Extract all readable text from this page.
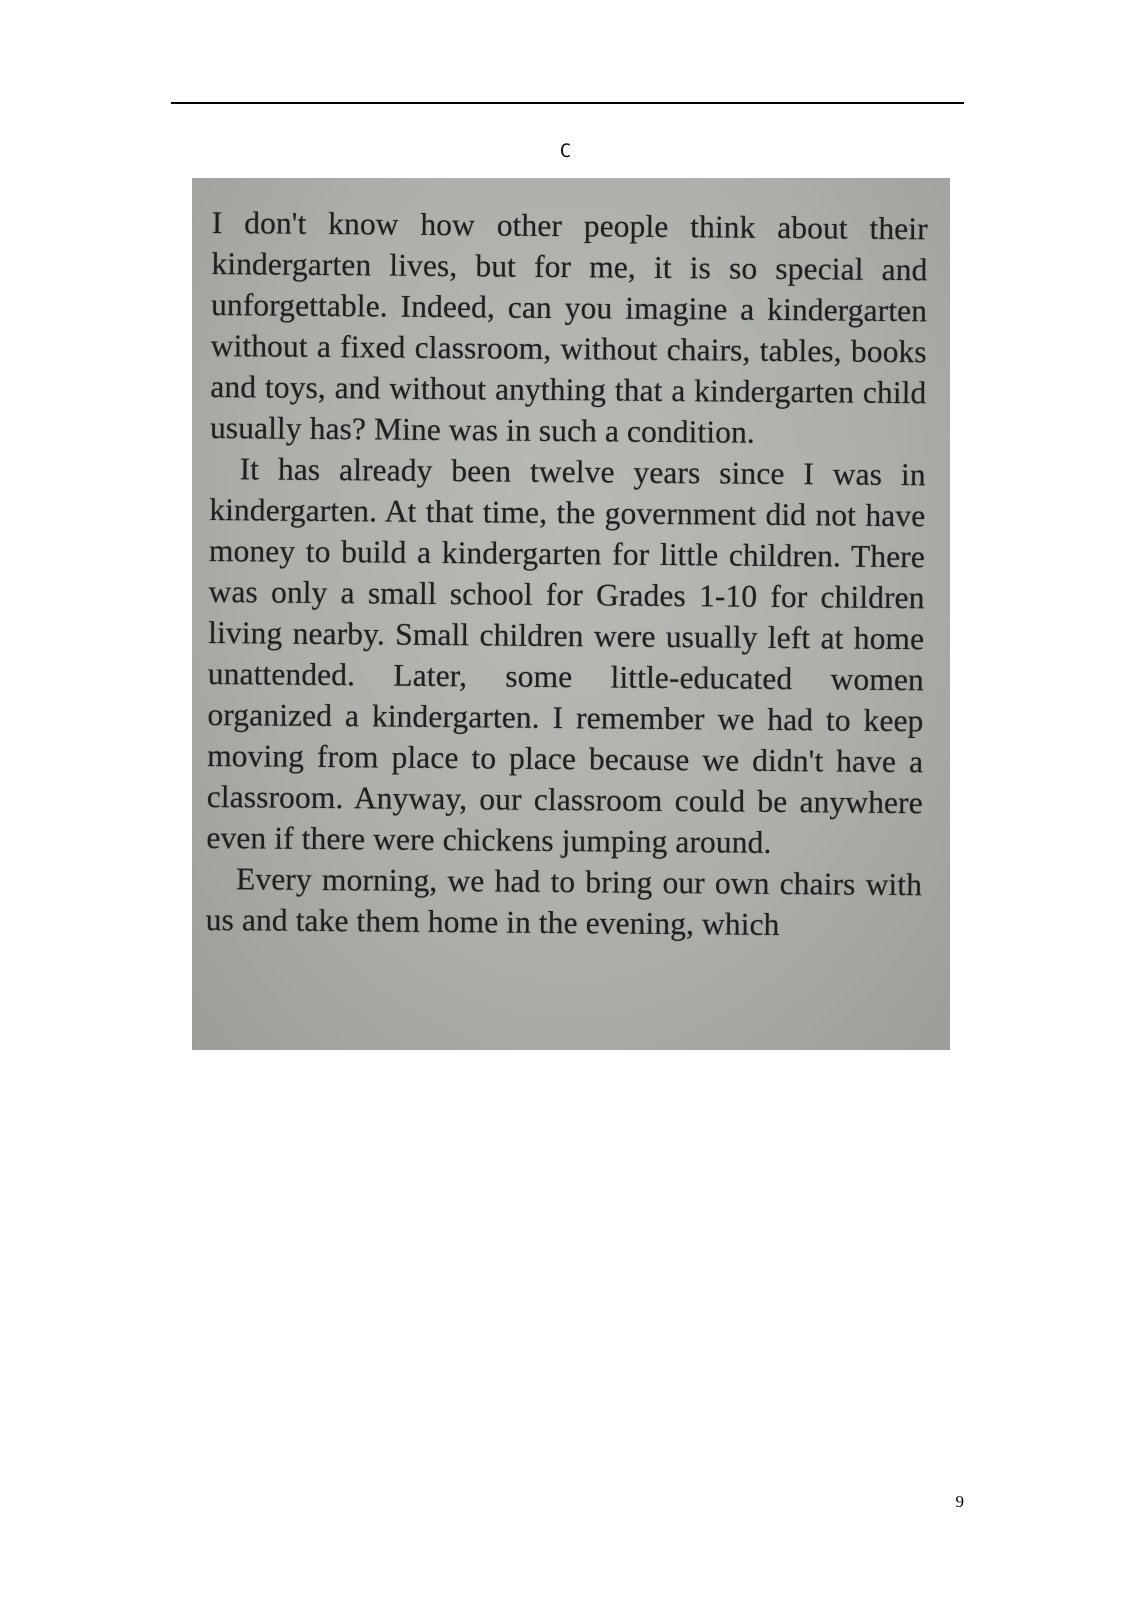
C

I don't know how other people think about their kindergarten lives, but for me, it is so special and unforgettable. Indeed, can you imagine a kindergarten without a fixed classroom, without chairs, tables, books and toys, and without anything that a kindergarten child usually has? Mine was in such a condition.

It has already been twelve years since I was in kindergarten. At that time, the government did not have money to build a kindergarten for little children. There was only a small school for Grades 1-10 for children living nearby. Small children were usually left at home unattended. Later, some little-educated women organized a kindergarten. I remember we had to keep moving from place to place because we didn't have a classroom. Anyway, our classroom could be anywhere even if there were chickens jumping around.

Every morning, we had to bring our own chairs with us and take them home in the evening, which

9
